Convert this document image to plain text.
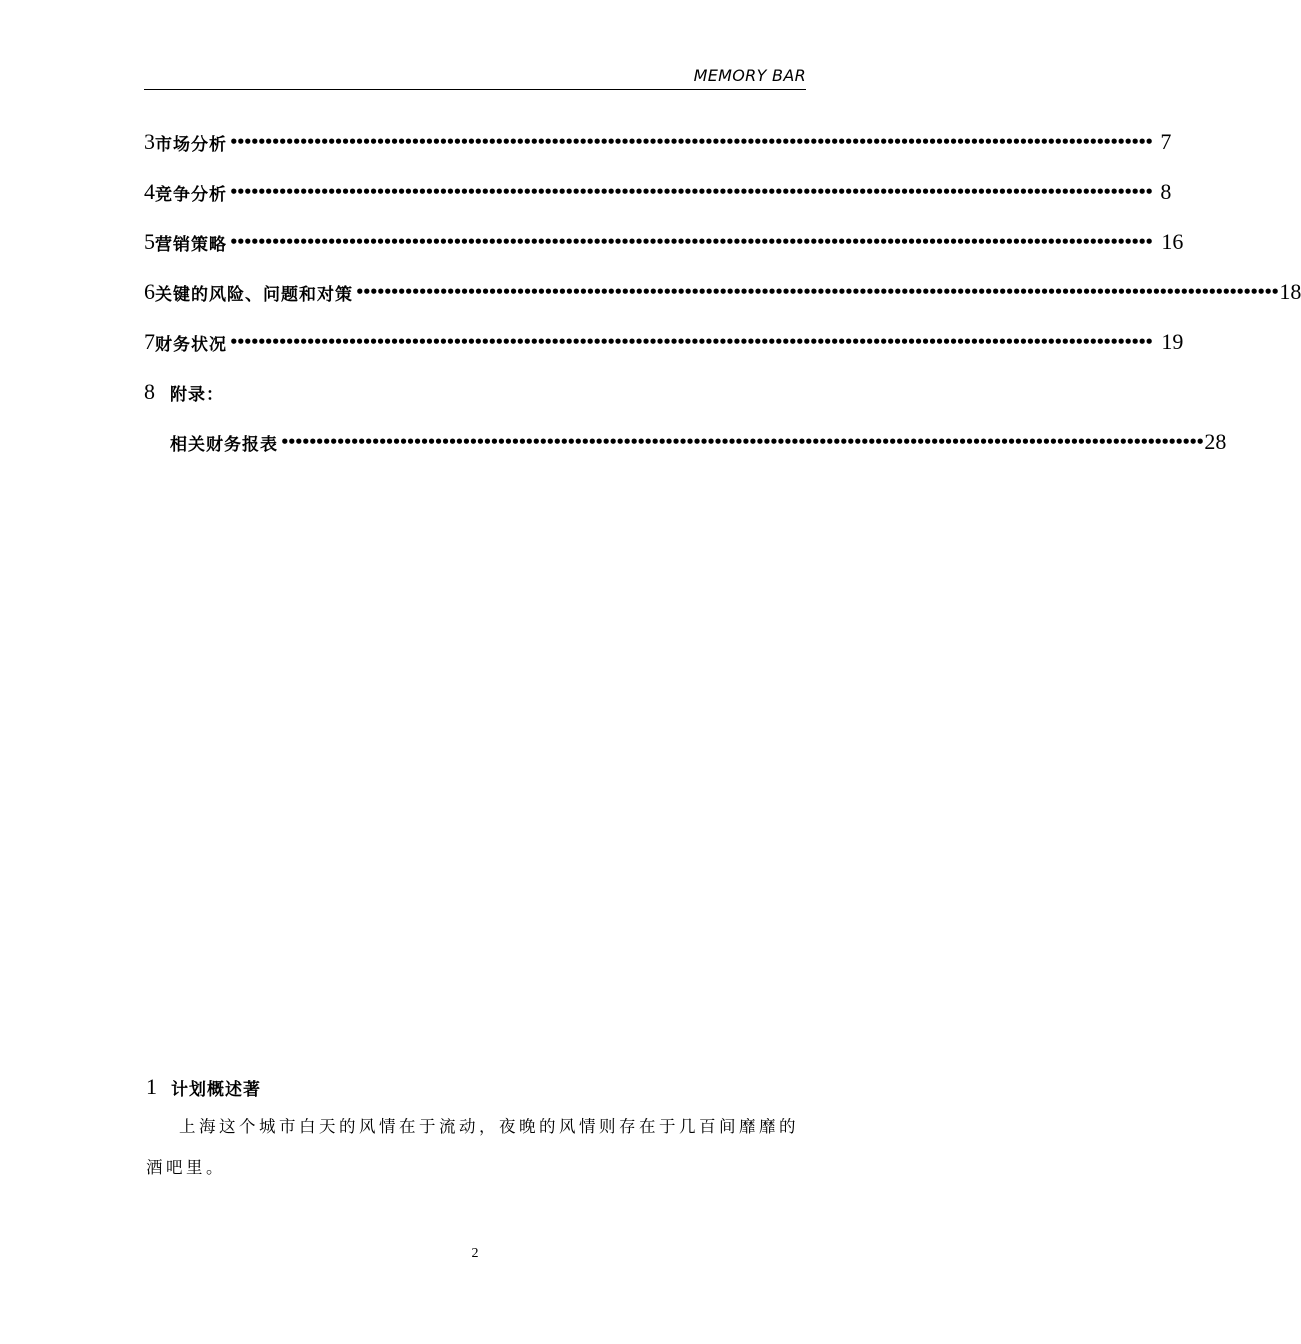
MEMORY BAR
3 市场分析 •••••••••••••••••••••••••••••••••••••••••••••••••••••••••••••••••••••••••••••••••••••••••••••••••••••••••••••••••••••••••••••••••••• 7
4 竞争分析 •••••••••••••••••••••••••••••••••••••••••••••••••••••••••••••••••••••••••••••••••••••••••••••••••••••••••••••••••••••••••••••••••••• 8
5 营销策略 •••••••••••••••••••••••••••••••••••••••••••••••••••••••••••••••••••••••••••••••••••••••••••••••••••••••••••••••••••••••••••••••••••• 16
6 关键的风险、问题和对策 •••••••••••••••••••••••••••••••••••••••••••••••••••••••••••••••••••••••••••••••••••••••••••••••••••••••••••••••••••••••••••••••••••• 18
7 财务状况 •••••••••••••••••••••••••••••••••••••••••••••••••••••••••••••••••••••••••••••••••••••••••••••••••••••••••••••••••••••••••••••••••••• 19
8 附录：
相关财务报表 •••••••••••••••••••••••••••••••••••••••••••••••••••••••••••••••••••••••••••••••••••••••••••••••••••••••••••••••••••••••••••••••••••• 28
1 计划概述著
上海这个城市白天的风情在于流动，夜晚的风情则存在于几百间靡靡的酒吧里。
2
